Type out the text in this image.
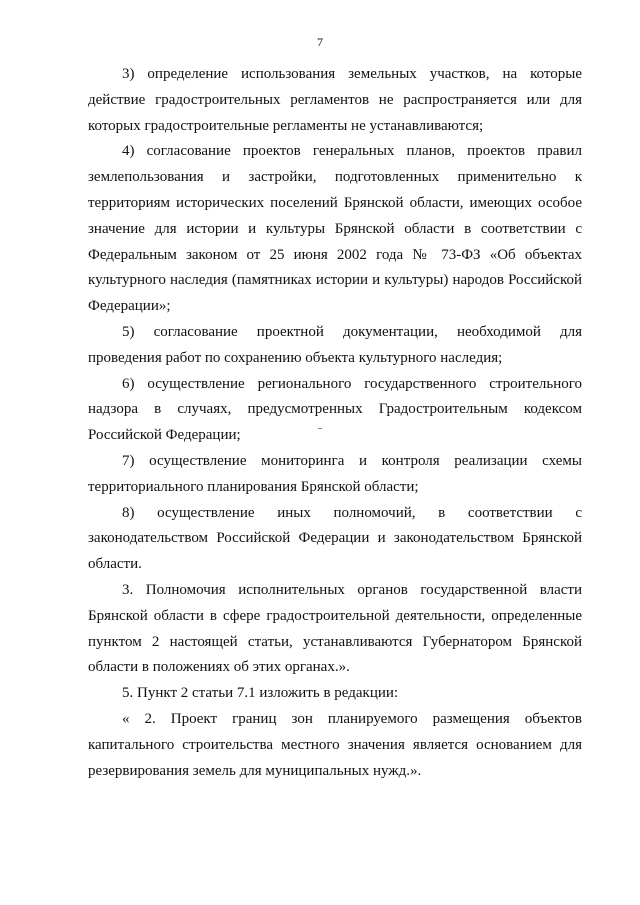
7

3) определение использования земельных участков, на которые действие градостроительных регламентов не распространяется или для которых градостроительные регламенты не устанавливаются;

4) согласование проектов генеральных планов, проектов правил землепользования и застройки, подготовленных применительно к территориям исторических поселений Брянской области, имеющих особое значение для истории и культуры Брянской области в соответствии с Федеральным законом от 25 июня 2002 года № 73-ФЗ «Об объектах культурного наследия (памятниках истории и культуры) народов Российской Федерации»;

5) согласование проектной документации, необходимой для проведения работ по сохранению объекта культурного наследия;

6) осуществление регионального государственного строительного надзора в случаях, предусмотренных Градостроительным кодексом Российской Федерации;

7) осуществление мониторинга и контроля реализации схемы территориального планирования Брянской области;

8) осуществление иных полномочий, в соответствии с законодательством Российской Федерации и законодательством Брянской области.

3. Полномочия исполнительных органов государственной власти Брянской области в сфере градостроительной деятельности, определенные пунктом 2 настоящей статьи, устанавливаются Губернатором Брянской области в положениях об этих органах.».

5. Пункт 2 статьи 7.1 изложить в редакции:

« 2. Проект границ зон планируемого размещения объектов капитального строительства местного значения является основанием для резервирования земель для муниципальных нужд.».
